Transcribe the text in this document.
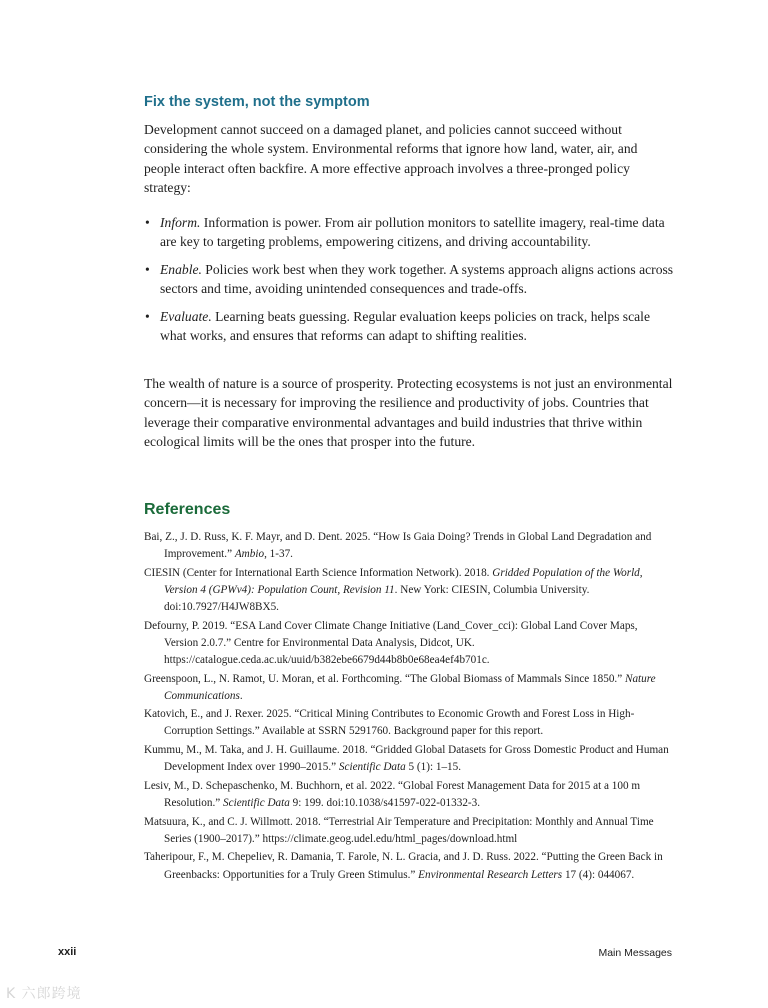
Fix the system, not the symptom

Development cannot succeed on a damaged planet, and policies cannot succeed without considering the whole system. Environmental reforms that ignore how land, water, air, and people interact often backfire. A more effective approach involves a three-pronged policy strategy:

• Inform. Information is power. From air pollution monitors to satellite imagery, real-time data are key to targeting problems, empowering citizens, and driving accountability.
• Enable. Policies work best when they work together. A systems approach aligns actions across sectors and time, avoiding unintended consequences and trade-offs.
• Evaluate. Learning beats guessing. Regular evaluation keeps policies on track, helps scale what works, and ensures that reforms can adapt to shifting realities.

The wealth of nature is a source of prosperity. Protecting ecosystems is not just an environmental concern—it is necessary for improving the resilience and productivity of jobs. Countries that leverage their comparative environmental advantages and build industries that thrive within ecological limits will be the ones that prosper into the future.

References
Bai, Z., J. D. Russ, K. F. Mayr, and D. Dent. 2025. “How Is Gaia Doing? Trends in Global Land Degradation and Improvement.” Ambio, 1-37.
CIESIN (Center for International Earth Science Information Network). 2018. Gridded Population of the World, Version 4 (GPWv4): Population Count, Revision 11. New York: CIESIN, Columbia University. doi:10.7927/H4JW8BX5.
Defourny, P. 2019. “ESA Land Cover Climate Change Initiative (Land_Cover_cci): Global Land Cover Maps, Version 2.0.7.” Centre for Environmental Data Analysis, Didcot, UK. https://catalogue.ceda.ac.uk/uuid/b382ebe6679d44b8b0e68ea4ef4b701c.
Greenspoon, L., N. Ramot, U. Moran, et al. Forthcoming. “The Global Biomass of Mammals Since 1850.” Nature Communications.
Katovich, E., and J. Rexer. 2025. “Critical Mining Contributes to Economic Growth and Forest Loss in High-Corruption Settings.” Available at SSRN 5291760. Background paper for this report.
Kummu, M., M. Taka, and J. H. Guillaume. 2018. “Gridded Global Datasets for Gross Domestic Product and Human Development Index over 1990–2015.” Scientific Data 5 (1): 1–15.
Lesiv, M., D. Schepaschenko, M. Buchhorn, et al. 2022. “Global Forest Management Data for 2015 at a 100 m Resolution.” Scientific Data 9: 199. doi:10.1038/s41597-022-01332-3.
Matsuura, K., and C. J. Willmott. 2018. “Terrestrial Air Temperature and Precipitation: Monthly and Annual Time Series (1900–2017).” https://climate.geog.udel.edu/html_pages/download.html
Taheripour, F., M. Chepeliev, R. Damania, T. Farole, N. L. Gracia, and J. D. Russ. 2022. “Putting the Green Back in Greenbacks: Opportunities for a Truly Green Stimulus.” Environmental Research Letters 17 (4): 044067.
xxii	Main Messages
K 六郎跨境
